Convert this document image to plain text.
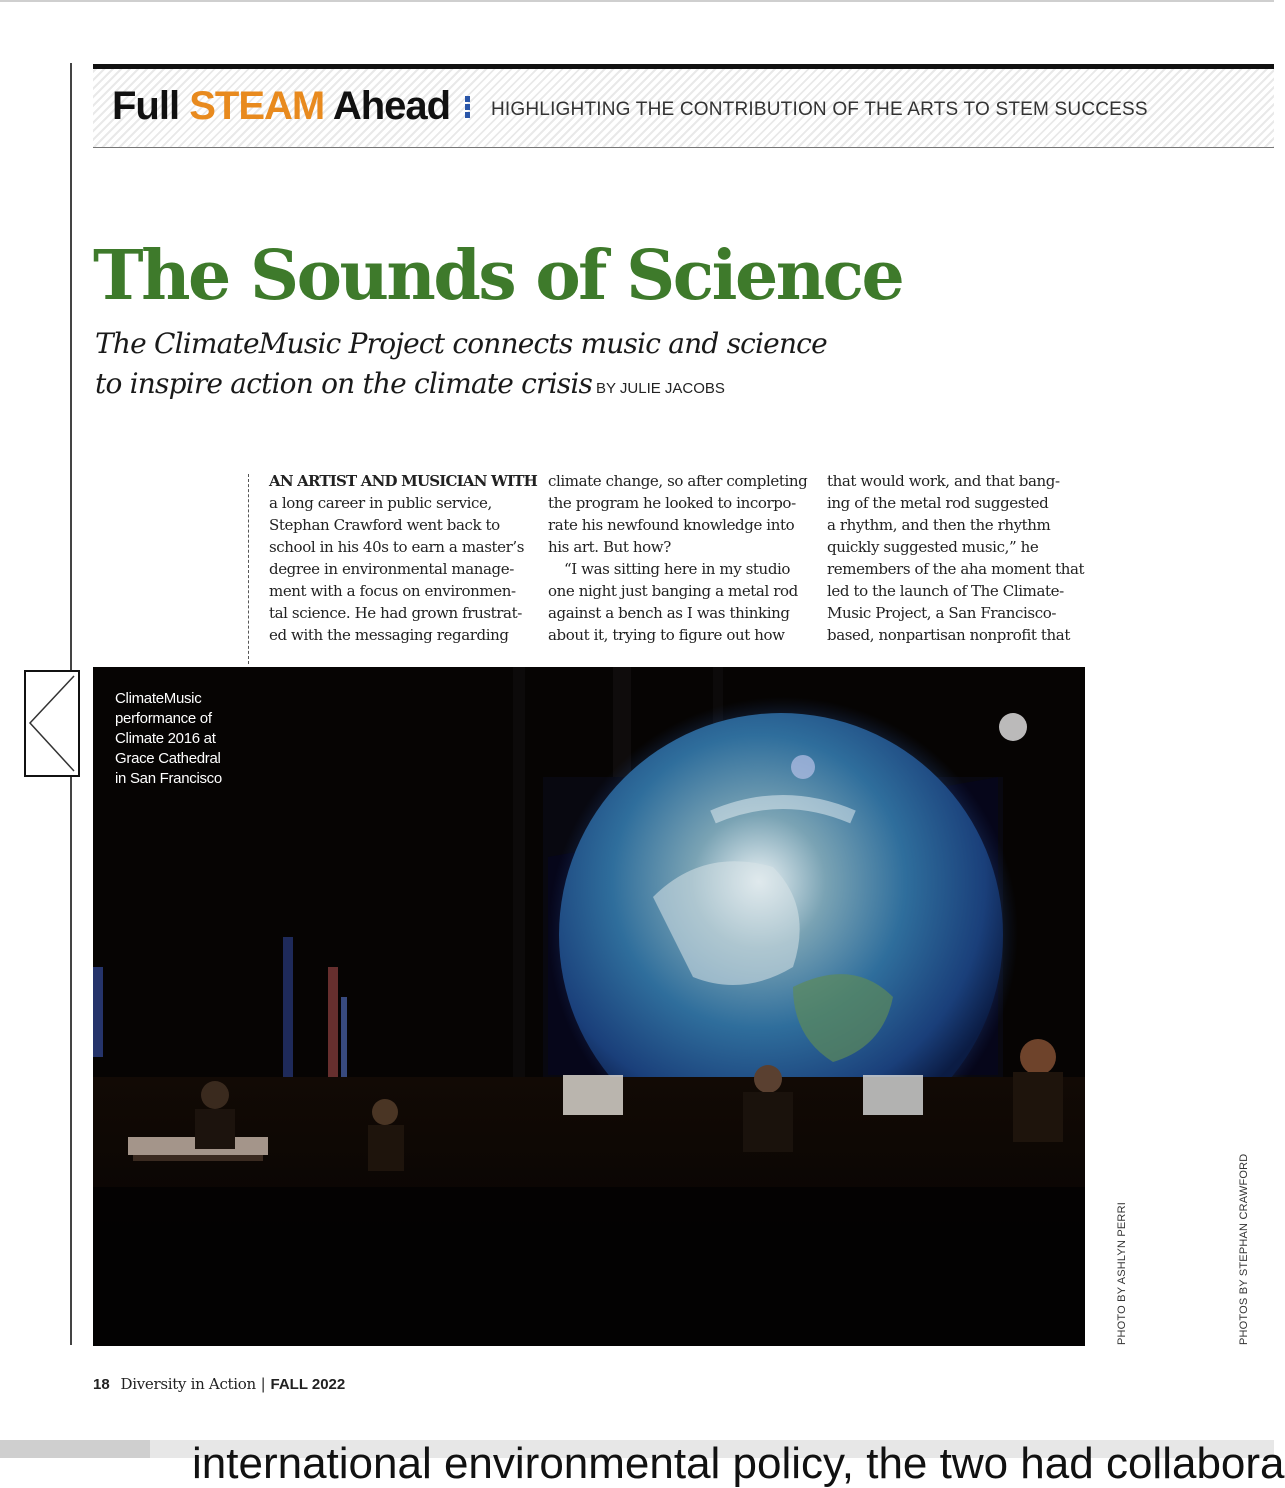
Full STEAM Ahead HIGHLIGHTING THE CONTRIBUTION OF THE ARTS TO STEM SUCCESS
The Sounds of Science
The ClimateMusic Project connects music and science
to inspire action on the climate crisis BY JULIE JACOBS
AN ARTIST AND MUSICIAN WITH
a long career in public service,
Stephan Crawford went back to
school in his 40s to earn a master’s
degree in environmental manage-
ment with a focus on environmen-
tal science. He had grown frustrat-
ed with the messaging regarding
climate change, so after completing
the program he looked to incorpo-
rate his newfound knowledge into
his art. But how?
“I was sitting here in my studio
one night just banging a metal rod
against a bench as I was thinking
about it, trying to figure out how
that would work, and that bang-
ing of the metal rod suggested
a rhythm, and then the rhythm
quickly suggested music,” he
remembers of the aha moment that
led to the launch of The Climate-
Music Project, a San Francisco-
based, nonpartisan nonprofit that
ClimateMusic
performance of
Climate 2016 at
Grace Cathedral
in San Francisco
PHOTO BY ASHLYN PERRI	PHOTOS BY STEPHAN CRAWFORD
18 Diversity in Action | FALL 2022
international environmental policy, the two had collabora
